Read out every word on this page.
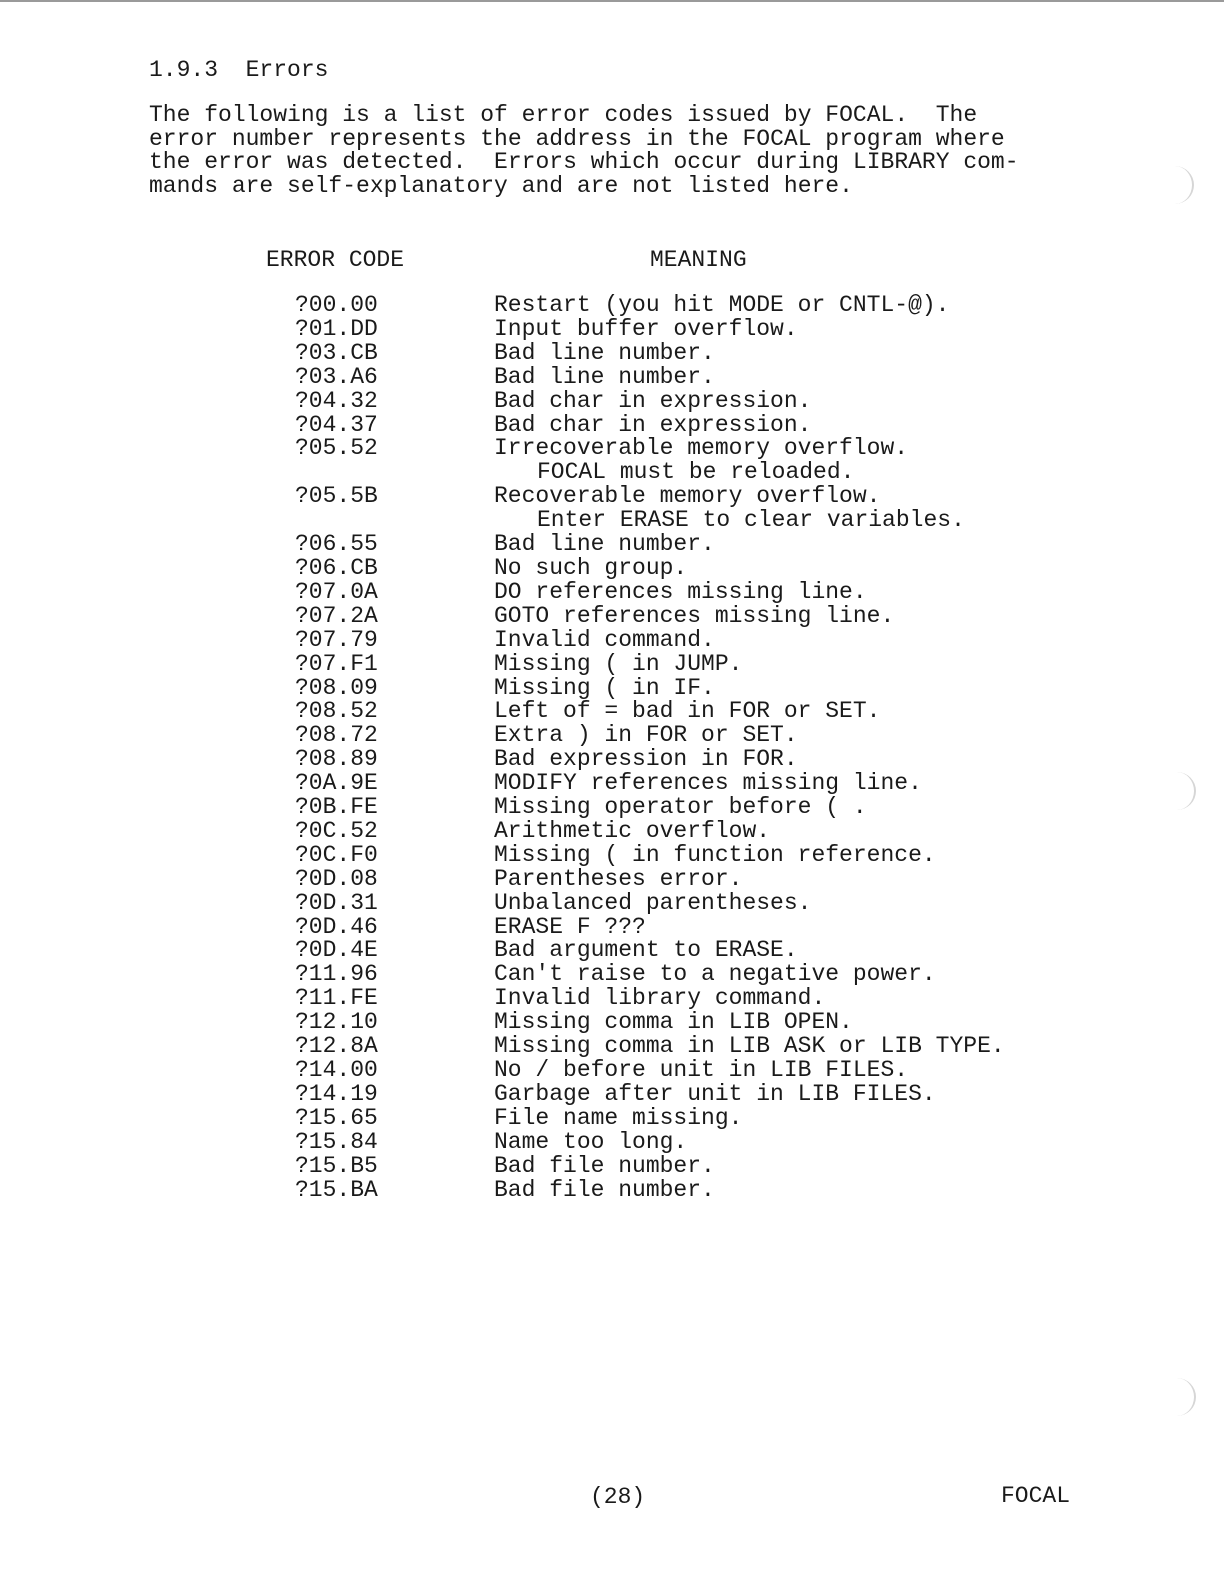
1.9.3  Errors
The following is a list of error codes issued by FOCAL.  The
error number represents the address in the FOCAL program where
the error was detected.  Errors which occur during LIBRARY com-
mands are self-explanatory and are not listed here.
ERROR CODE	MEANING
?00.00	Restart (you hit MODE or CNTL-@).
?01.DD	Input buffer overflow.
?03.CB	Bad line number.
?03.A6	Bad line number.
?04.32	Bad char in expression.
?04.37	Bad char in expression.
?05.52	Irrecoverable memory overflow.
FOCAL must be reloaded.
?05.5B	Recoverable memory overflow.
Enter ERASE to clear variables.
?06.55	Bad line number.
?06.CB	No such group.
?07.0A	DO references missing line.
?07.2A	GOTO references missing line.
?07.79	Invalid command.
?07.F1	Missing ( in JUMP.
?08.09	Missing ( in IF.
?08.52	Left of = bad in FOR or SET.
?08.72	Extra ) in FOR or SET.
?08.89	Bad expression in FOR.
?0A.9E	MODIFY references missing line.
?0B.FE	Missing operator before ( .
?0C.52	Arithmetic overflow.
?0C.F0	Missing ( in function reference.
?0D.08	Parentheses error.
?0D.31	Unbalanced parentheses.
?0D.46	ERASE F ???
?0D.4E	Bad argument to ERASE.
?11.96	Can't raise to a negative power.
?11.FE	Invalid library command.
?12.10	Missing comma in LIB OPEN.
?12.8A	Missing comma in LIB ASK or LIB TYPE.
?14.00	No / before unit in LIB FILES.
?14.19	Garbage after unit in LIB FILES.
?15.65	File name missing.
?15.84	Name too long.
?15.B5	Bad file number.
?15.BA	Bad file number.
(28)	FOCAL
